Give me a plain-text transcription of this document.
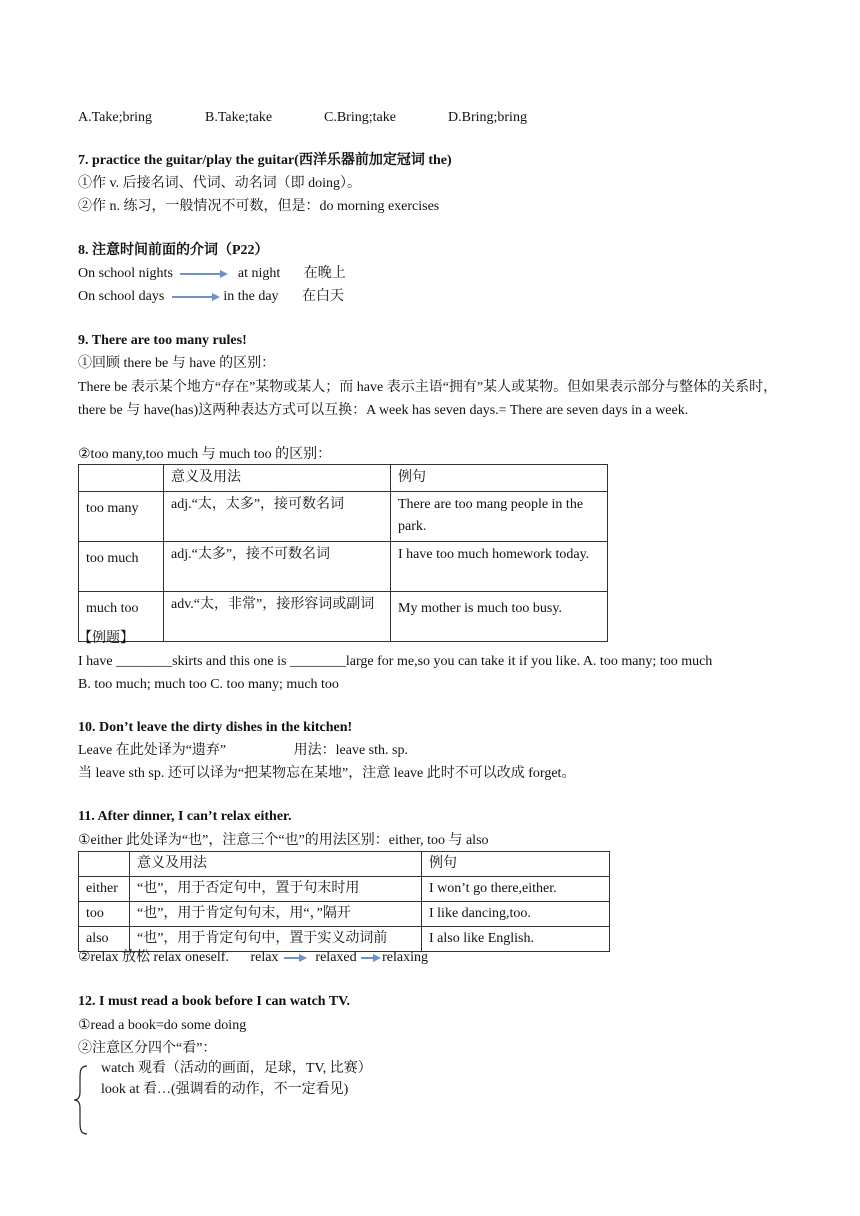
A.Take;bring	B.Take;take	C.Bring;take	D.Bring;bring
7. practice the guitar/play the guitar(西洋乐器前加定冠词 the)
①作 v. 后接名词、代词、动名词（即 doing）。
②作 n. 练习，一般情况不可数，但是：do morning exercises
8. 注意时间前面的介词（P22）
On school nights	at night 在晚上
On school days	in the day 在白天
9. There are too many rules!
①回顾 there be 与 have 的区别：
There be 表示某个地方“存在”某物或某人；而 have 表示主语“拥有”某人或某物。但如果表示部分与整体的关系时，there be 与 have(has)这两种表达方式可以互换：A week has seven days.= There are seven days in a week.
②too many,too much 与 much too 的区别：
	意义及用法	例句
too many	adj.“太，太多”，接可数名词	There are too mang people in the park.
too much	adj.“太多”，接不可数名词	I have too much homework today.
much too	adv.“太，非常”，接形容词或副词	My mother is much too busy.
【例题】
I have ________skirts and this one is ________large for me,so you can take it if you like. A. too many; too much
B. too much; much too C. too many; much too
10. Don’t leave the dirty dishes in the kitchen!
Leave 在此处译为“遗弃”	用法：leave sth. sp.
当 leave sth sp. 还可以译为“把某物忘在某地”，注意 leave 此时不可以改成 forget。
11. After dinner, I can’t relax either.
①either 此处译为“也”，注意三个“也”的用法区别：either, too 与 also
	意义及用法	例句
either	“也”，用于否定句中，置于句末时用	I won’t go there,either.
too	“也”，用于肯定句句末，用“，”隔开	I like dancing,too.
also	“也”，用于肯定句句中，置于实义动词前	I also like English.
②relax 放松 relax oneself. relax	relaxed relaxing
12. I must read a book before I can watch TV.
①read a book=do some doing
②注意区分四个“看”：
watch 观看（活动的画面，足球，TV, 比赛）
look at 看…(强调看的动作，不一定看见)
